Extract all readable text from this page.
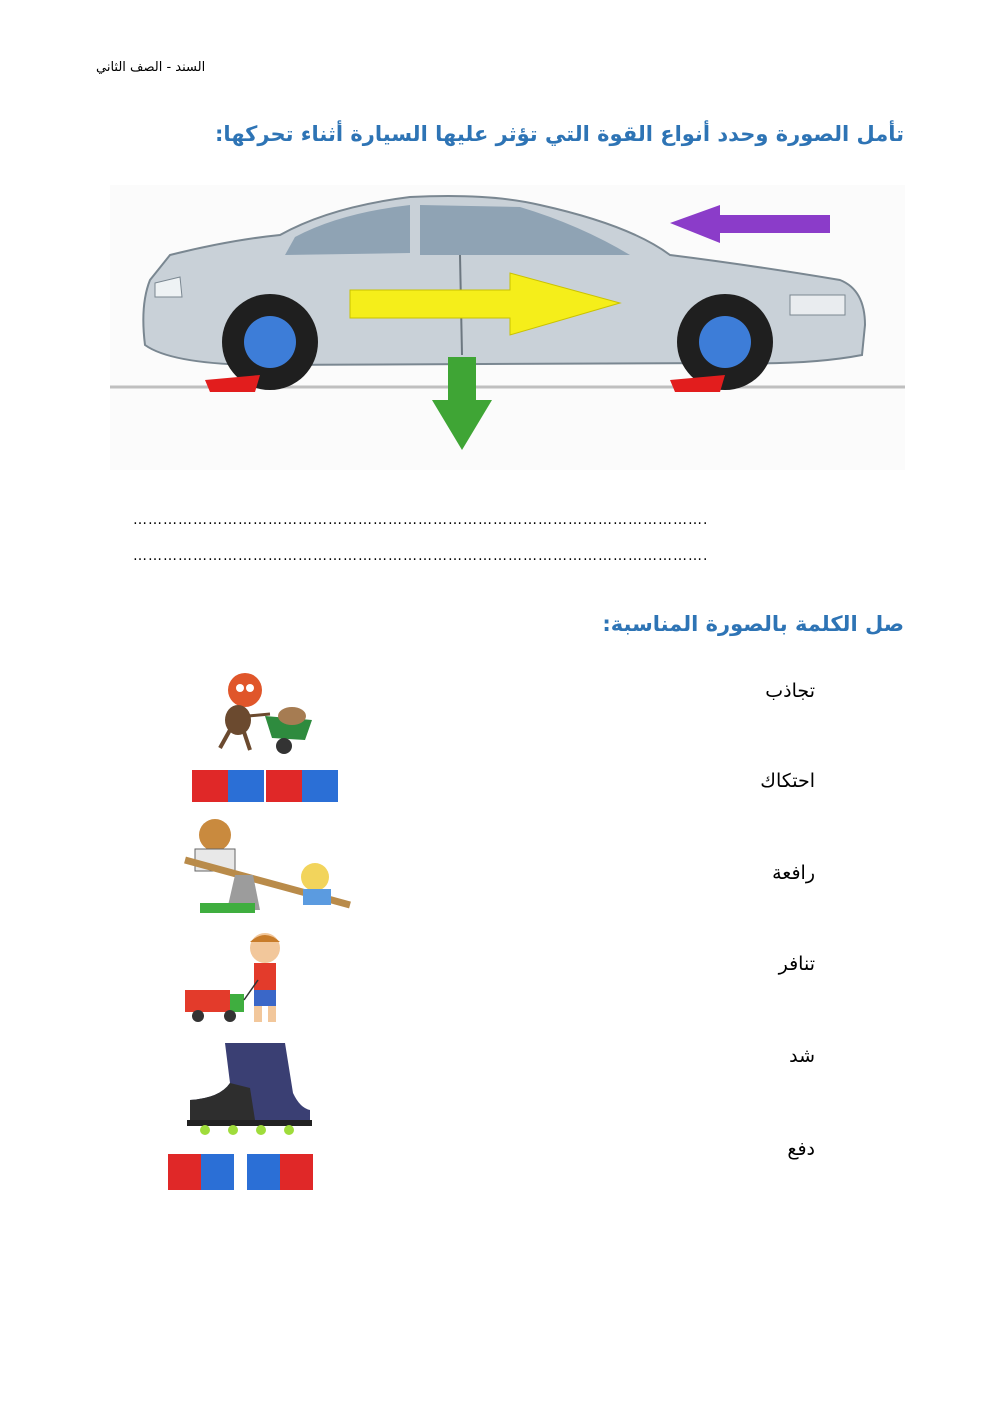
السند - الصف الثاني
تأمل الصورة وحدد أنواع القوة التي تؤثر عليها السيارة أثناء تحركها:
…………………………………………………………………………………………………….
…………………………………………………………………………………………………….
صل الكلمة بالصورة المناسبة:
تجاذب
احتكاك
رافعة
تنافر
شد
دفع
